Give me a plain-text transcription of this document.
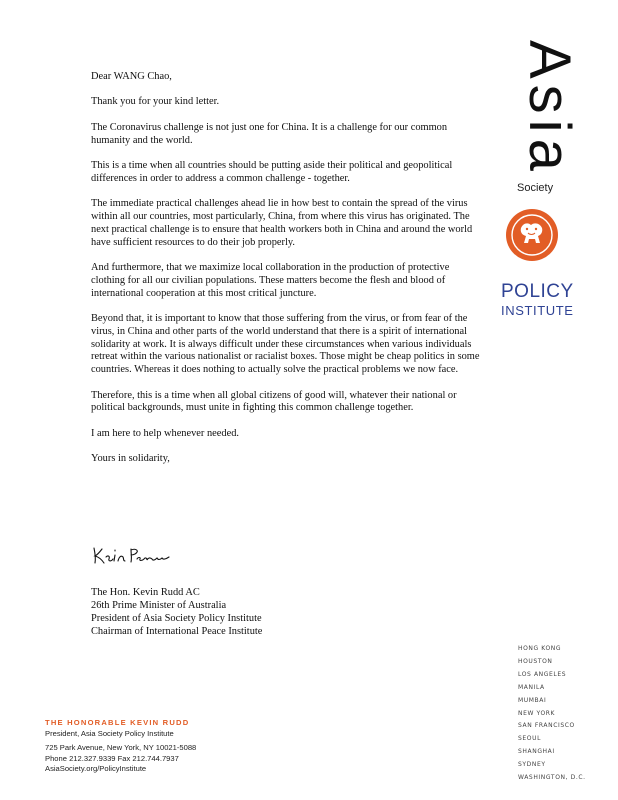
Dear WANG Chao,

Thank you for your kind letter.

The Coronavirus challenge is not just one for China. It is a challenge for our common humanity and the world.

This is a time when all countries should be putting aside their political and geopolitical differences in order to address a common challenge - together.

The immediate practical challenges ahead lie in how best to contain the spread of the virus within all our countries, most particularly, China, from where this virus has originated. The next practical challenge is to ensure that health workers both in China and around the world have sufficient resources to do their job properly.

And furthermore, that we maximize local collaboration in the production of protective clothing for all our civilian populations. These matters become the flesh and blood of international cooperation at this most critical juncture.

Beyond that, it is important to know that those suffering from the virus, or from fear of the virus, in China and other parts of the world understand that there is a spirit of international solidarity at work. It is always difficult under these circumstances when various individuals retreat within the various nationalist or racialist boxes. Those might be cheap politics in some countries. Whereas it does nothing to actually solve the practical problems we now face.

Therefore, this is a time when all global citizens of good will, whatever their national or political backgrounds, must unite in fighting this common challenge together.

I am here to help whenever needed.

Yours in solidarity,

The Hon. Kevin Rudd AC
26th Prime Minister of Australia
President of Asia Society Policy Institute
Chairman of International Peace Institute
Asia
Society
POLICY
INSTITUTE
HONG KONG
HOUSTON
LOS ANGELES
MANILA
MUMBAI
NEW YORK
SAN FRANCISCO
SEOUL
SHANGHAI
SYDNEY
WASHINGTON, D.C.
THE HONORABLE KEVIN RUDD
President, Asia Society Policy Institute
725 Park Avenue, New York, NY 10021-5088
Phone 212.327.9339 Fax 212.744.7937
AsiaSociety.org/PolicyInstitute
